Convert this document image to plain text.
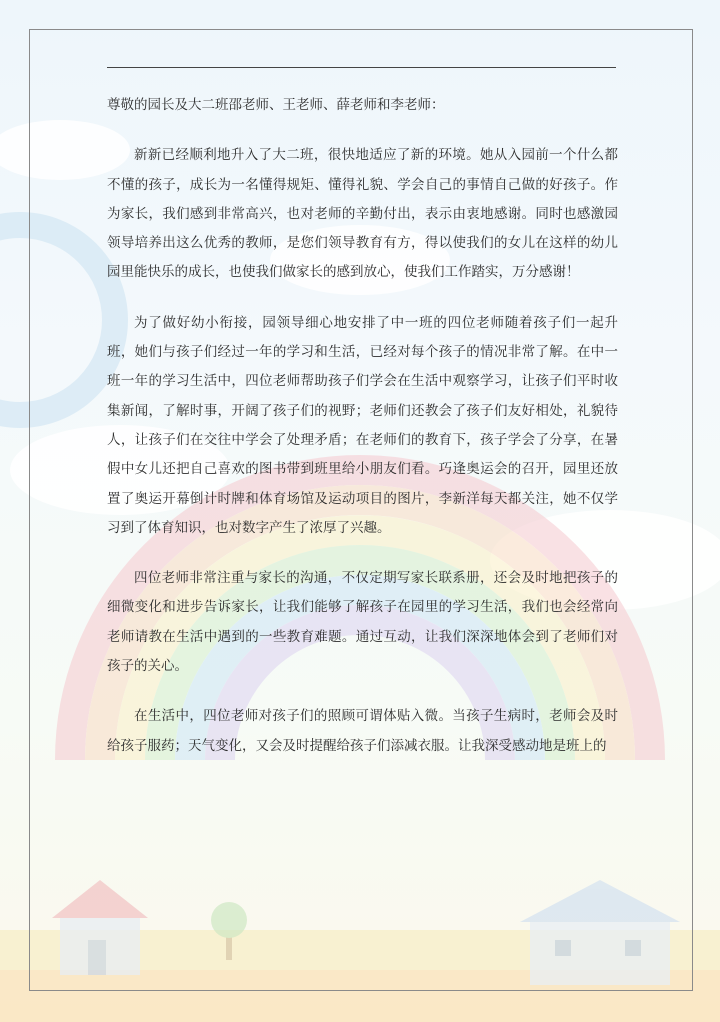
尊敬的园长及大二班邵老师、王老师、薛老师和李老师：

新新已经顺利地升入了大二班，很快地适应了新的环境。她从入园前一个什么都不懂的孩子，成长为一名懂得规矩、懂得礼貌、学会自己的事情自己做的好孩子。作为家长，我们感到非常高兴，也对老师的辛勤付出，表示由衷地感谢。同时也感激园领导培养出这么优秀的教师，是您们领导教育有方，得以使我们的女儿在这样的幼儿园里能快乐的成长，也使我们做家长的感到放心，使我们工作踏实，万分感谢！

为了做好幼小衔接，园领导细心地安排了中一班的四位老师随着孩子们一起升班，她们与孩子们经过一年的学习和生活，已经对每个孩子的情况非常了解。在中一班一年的学习生活中，四位老师帮助孩子们学会在生活中观察学习，让孩子们平时收集新闻，了解时事，开阔了孩子们的视野；老师们还教会了孩子们友好相处，礼貌待人，让孩子们在交往中学会了处理矛盾；在老师们的教育下，孩子学会了分享，在暑假中女儿还把自己喜欢的图书带到班里给小朋友们看。巧逢奥运会的召开，园里还放置了奥运开幕倒计时牌和体育场馆及运动项目的图片，李新洋每天都关注，她不仅学习到了体育知识，也对数字产生了浓厚了兴趣。

四位老师非常注重与家长的沟通，不仅定期写家长联系册，还会及时地把孩子的细微变化和进步告诉家长，让我们能够了解孩子在园里的学习生活，我们也会经常向老师请教在生活中遇到的一些教育难题。通过互动，让我们深深地体会到了老师们对孩子的关心。

在生活中，四位老师对孩子们的照顾可谓体贴入微。当孩子生病时，老师会及时给孩子服药；天气变化，又会及时提醒给孩子们添减衣服。让我深受感动地是班上的
